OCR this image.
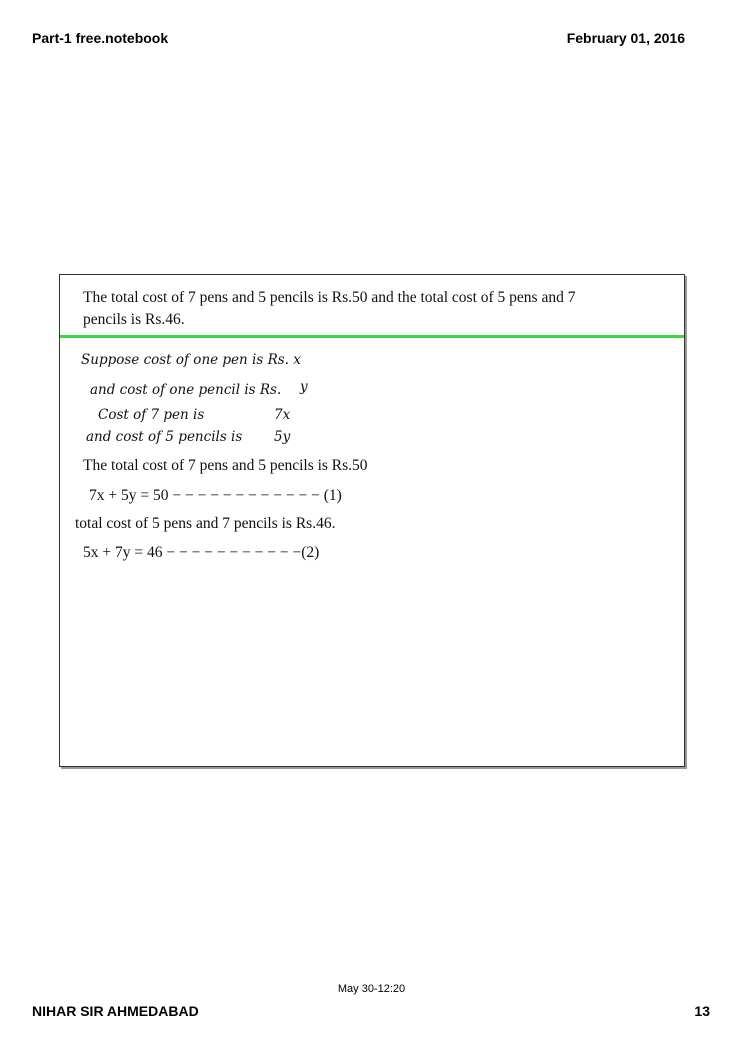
Part-1 free.notebook	February 01, 2016
The total cost of 7 pens and 5 pencils is Rs.50 and the total cost of 5 pens and 7
pencils is Rs.46.
Suppose cost of one pen is Rs. x
and cost of one pencil is Rs. y
Cost of 7 pen is	7x
and cost of 5 pencils is 5y
The total cost of 7 pens and 5 pencils is Rs.50
7x + 5y = 50 − − − − − − − − − − − − (1)
total cost of 5 pens and 7 pencils is Rs.46.
5x + 7y = 46 − − − − − − − − − − −(2)
May 30-12:20
NIHAR SIR AHMEDABAD	13
